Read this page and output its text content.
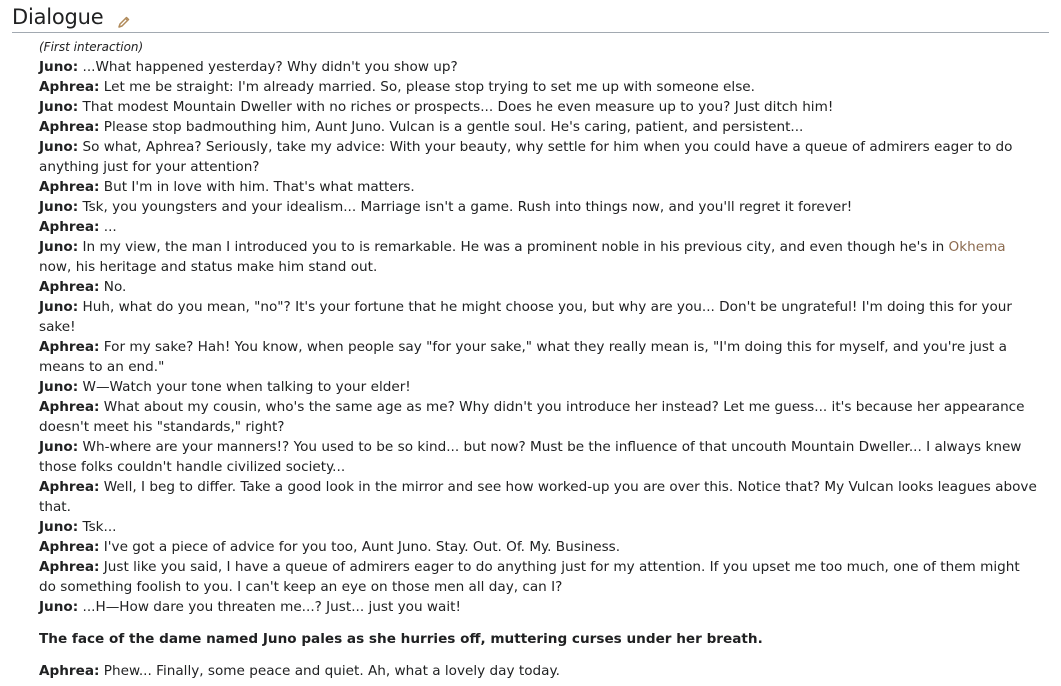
Dialogue
(First interaction)
Juno: ...What happened yesterday? Why didn't you show up?
Aphrea: Let me be straight: I'm already married. So, please stop trying to set me up with someone else.
Juno: That modest Mountain Dweller with no riches or prospects... Does he even measure up to you? Just ditch him!
Aphrea: Please stop badmouthing him, Aunt Juno. Vulcan is a gentle soul. He's caring, patient, and persistent...
Juno: So what, Aphrea? Seriously, take my advice: With your beauty, why settle for him when you could have a queue of admirers eager to do anything just for your attention?
Aphrea: But I'm in love with him. That's what matters.
Juno: Tsk, you youngsters and your idealism... Marriage isn't a game. Rush into things now, and you'll regret it forever!
Aphrea: ...
Juno: In my view, the man I introduced you to is remarkable. He was a prominent noble in his previous city, and even though he's in Okhema now, his heritage and status make him stand out.
Aphrea: No.
Juno: Huh, what do you mean, "no"? It's your fortune that he might choose you, but why are you... Don't be ungrateful! I'm doing this for your sake!
Aphrea: For my sake? Hah! You know, when people say "for your sake," what they really mean is, "I'm doing this for myself, and you're just a means to an end."
Juno: W—Watch your tone when talking to your elder!
Aphrea: What about my cousin, who's the same age as me? Why didn't you introduce her instead? Let me guess... it's because her appearance doesn't meet his "standards," right?
Juno: Wh-where are your manners!? You used to be so kind... but now? Must be the influence of that uncouth Mountain Dweller... I always knew those folks couldn't handle civilized society...
Aphrea: Well, I beg to differ. Take a good look in the mirror and see how worked-up you are over this. Notice that? My Vulcan looks leagues above that.
Juno: Tsk...
Aphrea: I've got a piece of advice for you too, Aunt Juno. Stay. Out. Of. My. Business.
Aphrea: Just like you said, I have a queue of admirers eager to do anything just for my attention. If you upset me too much, one of them might do something foolish to you. I can't keep an eye on those men all day, can I?
Juno: ...H—How dare you threaten me...? Just... just you wait!
The face of the dame named Juno pales as she hurries off, muttering curses under her breath.
Aphrea: Phew... Finally, some peace and quiet. Ah, what a lovely day today.
